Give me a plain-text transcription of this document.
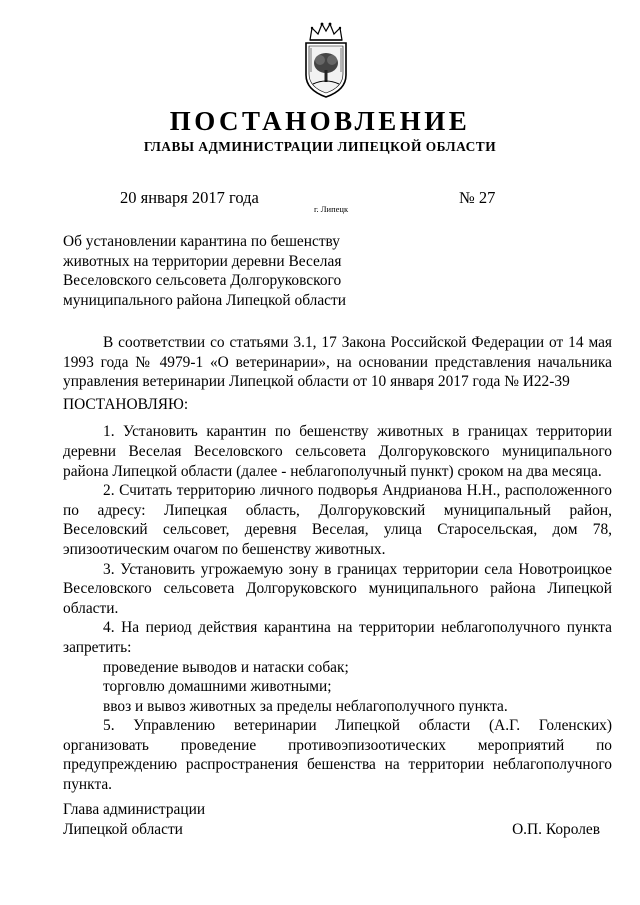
ПОСТАНОВЛЕНИЕ
ГЛАВЫ АДМИНИСТРАЦИИ ЛИПЕЦКОЙ ОБЛАСТИ
20 января 2017 года
г. Липецк
№ 27
Об установлении карантина по бешенству
животных на территории деревни Веселая
Веселовского сельсовета Долгоруковского
муниципального района Липецкой области

В соответствии со статьями 3.1, 17 Закона Российской Федерации от 14 мая 1993 года № 4979-1 «О ветеринарии», на основании представления начальника управления ветеринарии Липецкой области от 10 января 2017 года № И22-39

ПОСТАНОВЛЯЮ:

1. Установить карантин по бешенству животных в границах территории деревни Веселая Веселовского сельсовета Долгоруковского муниципального района Липецкой области (далее - неблагополучный пункт) сроком на два месяца.

2. Считать территорию личного подворья Андрианова Н.Н., расположенного по адресу: Липецкая область, Долгоруковский муниципальный район, Веселовский сельсовет, деревня Веселая, улица Старосельская, дом 78, эпизоотическим очагом по бешенству животных.

3. Установить угрожаемую зону в границах территории села Новотроицкое Веселовского сельсовета Долгоруковского муниципального района Липецкой области.

4. На период действия карантина на территории неблагополучного пункта запретить:

проведение выводов и натаски собак;

торговлю домашними животными;

ввоз и вывоз животных за пределы неблагополучного пункта.

5. Управлению ветеринарии Липецкой области (А.Г. Голенских) организовать проведение противоэпизоотических мероприятий по предупреждению распространения бешенства на территории неблагополучного пункта.

Глава администрации
Липецкой области	О.П. Королев
